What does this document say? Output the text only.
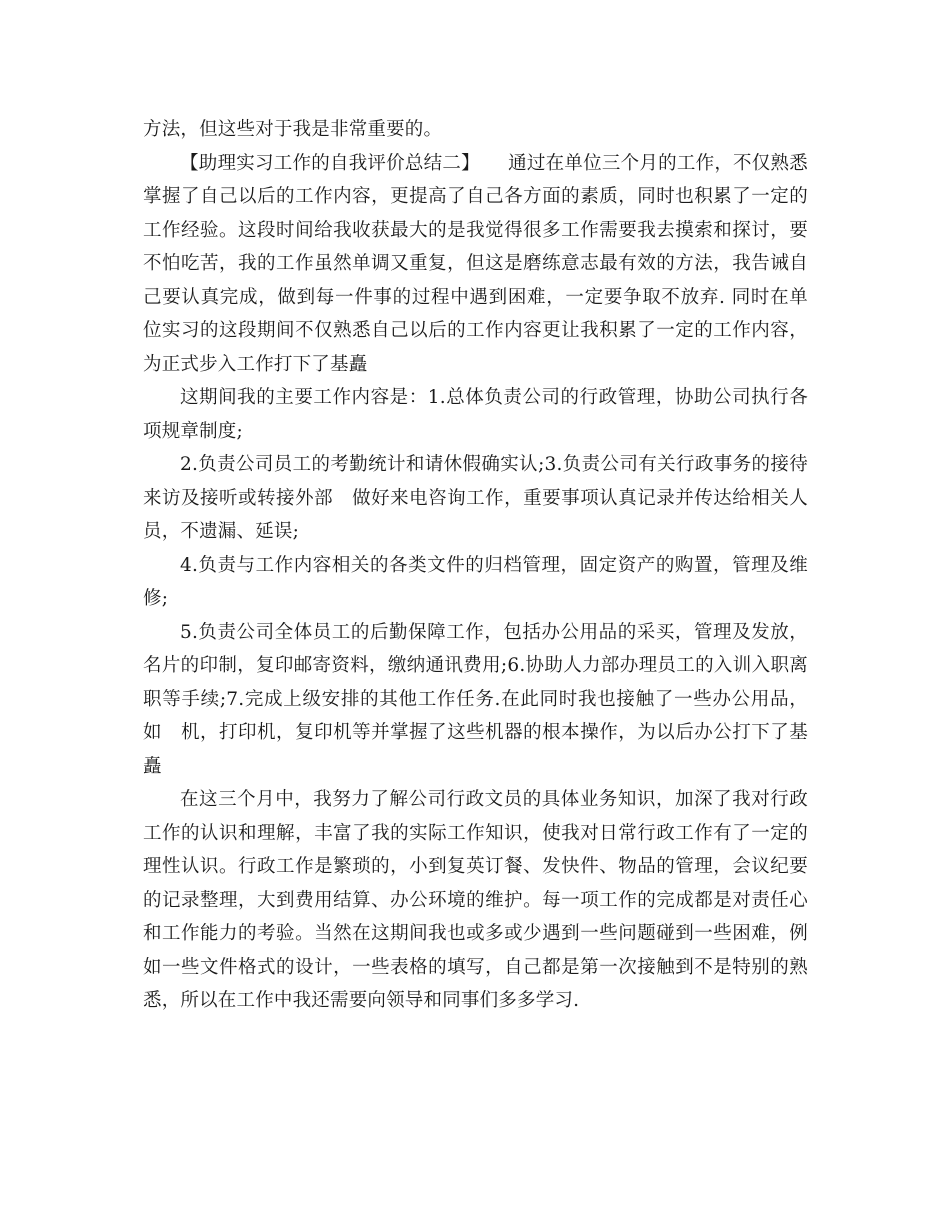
方法，但这些对于我是非常重要的。

【助理实习工作的自我评价总结二】　　通过在单位三个月的工作，不仅熟悉掌握了自己以后的工作内容，更提高了自己各方面的素质，同时也积累了一定的工作经验。这段时间给我收获最大的是我觉得很多工作需要我去摸索和探讨，要不怕吃苦，我的工作虽然单调又重复，但这是磨练意志最有效的方法，我告诫自己要认真完成，做到每一件事的过程中遇到困难，一定要争取不放弃. 同时在单位实习的这段期间不仅熟悉自己以后的工作内容更让我积累了一定的工作内容，为正式步入工作打下了基矗

这期间我的主要工作内容是：1.总体负责公司的行政管理，协助公司执行各项规章制度;

2.负责公司员工的考勤统计和请休假确实认;3.负责公司有关行政事务的接待来访及接听或转接外部　做好来电咨询工作，重要事项认真记录并传达给相关人员，不遗漏、延误;

4.负责与工作内容相关的各类文件的归档管理，固定资产的购置，管理及维修;

5.负责公司全体员工的后勤保障工作，包括办公用品的采买，管理及发放，名片的印制，复印邮寄资料，缴纳通讯费用;6.协助人力部办理员工的入训入职离职等手续;7.完成上级安排的其他工作任务.在此同时我也接触了一些办公用品，如　机，打印机，复印机等并掌握了这些机器的根本操作，为以后办公打下了基矗

在这三个月中，我努力了解公司行政文员的具体业务知识，加深了我对行政工作的认识和理解，丰富了我的实际工作知识，使我对日常行政工作有了一定的理性认识。行政工作是繁琐的，小到复英订餐、发快件、物品的管理，会议纪要的记录整理，大到费用结算、办公环境的维护。每一项工作的完成都是对责任心和工作能力的考验。当然在这期间我也或多或少遇到一些问题碰到一些困难，例如一些文件格式的设计，一些表格的填写，自己都是第一次接触到不是特别的熟悉，所以在工作中我还需要向领导和同事们多多学习.
